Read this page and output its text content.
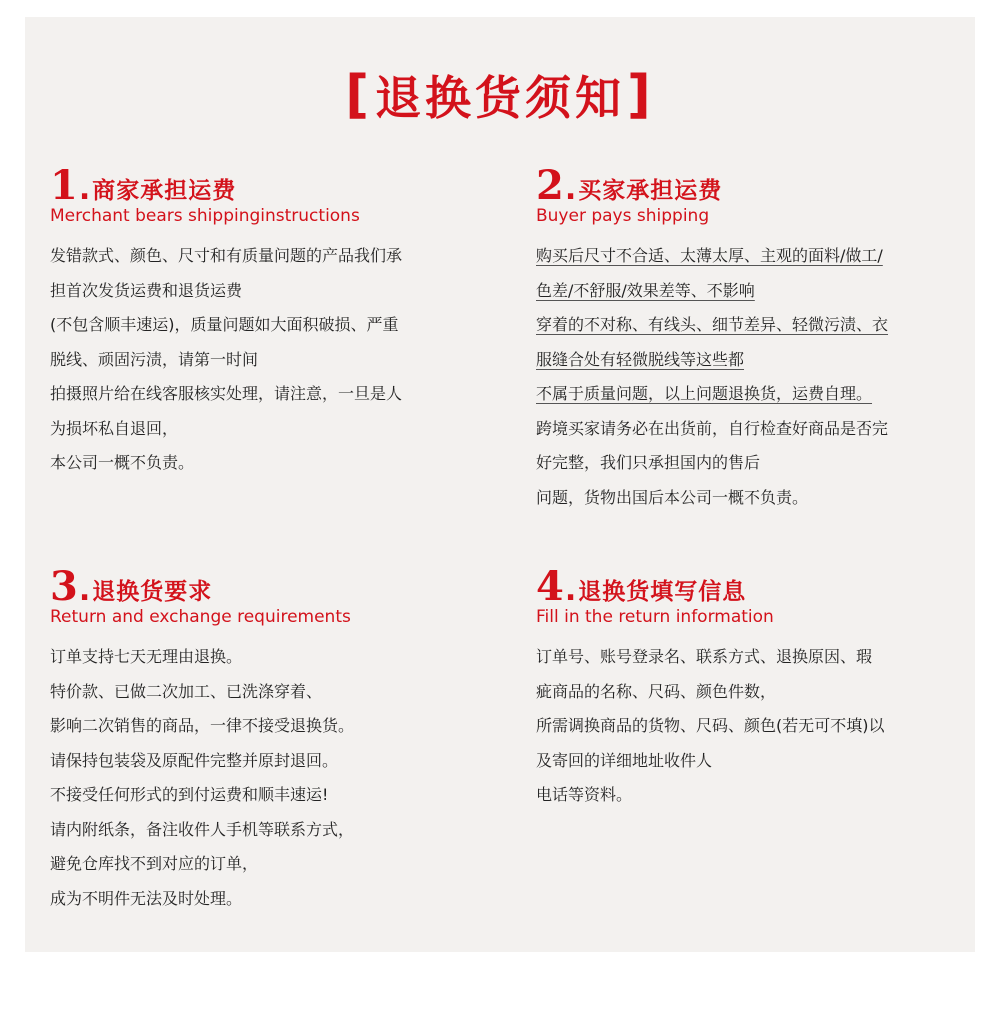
[ 退换货须知 ]
1 . 商家承担运费
Merchant bears shippinginstructions
发错款式、颜色、尺寸和有质量问题的产品我们承
担首次发货运费和退货运费
(不包含顺丰速运)，质量问题如大面积破损、严重
脱线、顽固污渍，请第一时间
拍摄照片给在线客服核实处理，请注意，一旦是人
为损坏私自退回，
本公司一概不负责。
2 . 买家承担运费
Buyer pays shipping
购买后尺寸不合适、太薄太厚、主观的面料/做工/
色差/不舒服/效果差等、不影响
穿着的不对称、有线头、细节差异、轻微污渍、衣
服缝合处有轻微脱线等这些都
不属于质量问题，以上问题退换货，运费自理。
跨境买家请务必在出货前，自行检查好商品是否完
好完整，我们只承担国内的售后
问题，货物出国后本公司一概不负责。
3 . 退换货要求
Return and exchange requirements
订单支持七天无理由退换。
特价款、已做二次加工、已洗涤穿着、
影响二次销售的商品，一律不接受退换货。
请保持包装袋及原配件完整并原封退回。
不接受任何形式的到付运费和顺丰速运!
请内附纸条，备注收件人手机等联系方式，
避免仓库找不到对应的订单，
成为不明件无法及时处理。
4 . 退换货填写信息
Fill in the return information
订单号、账号登录名、联系方式、退换原因、瑕
疵商品的名称、尺码、颜色件数，
所需调换商品的货物、尺码、颜色(若无可不填)以
及寄回的详细地址收件人
电话等资料。
